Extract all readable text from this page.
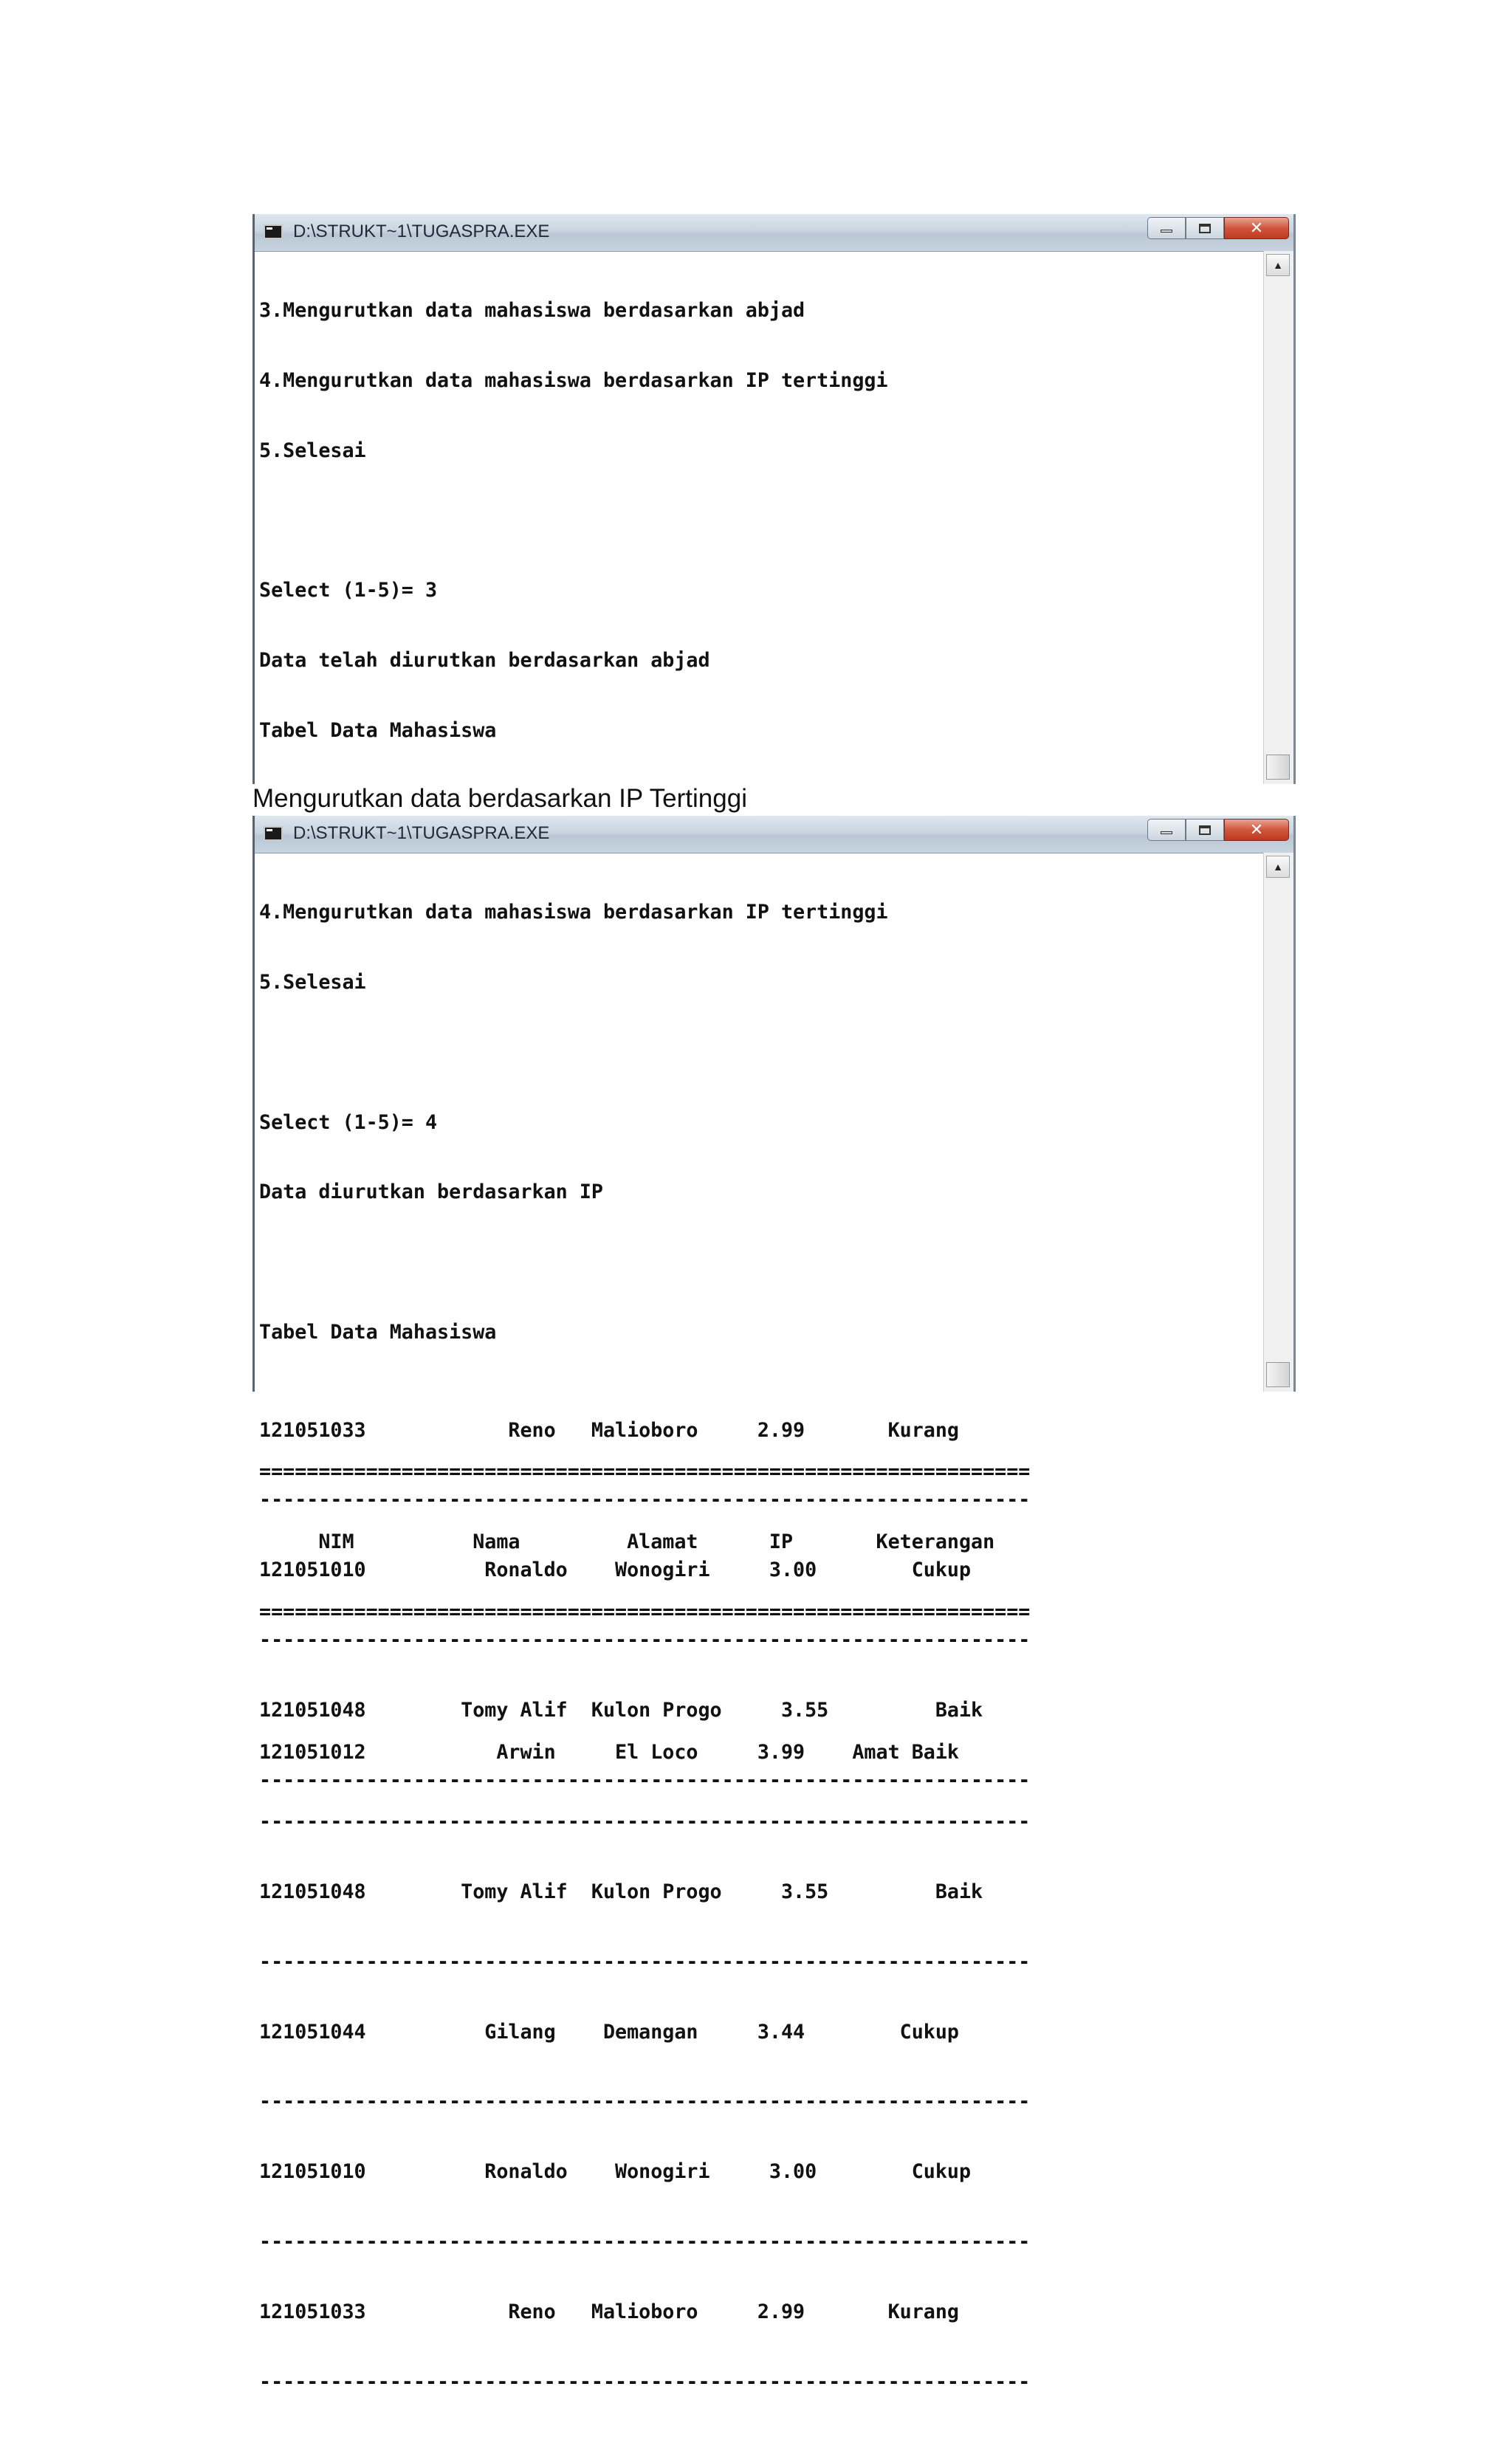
D:\STRUKT~1\TUGASPRA.EXE	✕

3.Mengurutkan data mahasiswa berdasarkan abjad

4.Mengurutkan data mahasiswa berdasarkan IP tertinggi

5.Selesai

Select (1-5)= 3

Data telah diurutkan berdasarkan abjad

Tabel Data Mahasiswa

121051033            Reno   Malioboro     2.99       Kurang

-----------------------------------------------------------------

121051010          Ronaldo    Wonogiri     3.00        Cukup

-----------------------------------------------------------------

121051048        Tomy Alif  Kulon Progo     3.55         Baik

-----------------------------------------------------------------

▲
Mengurutkan data berdasarkan IP Tertinggi
D:\STRUKT~1\TUGASPRA.EXE	✕

4.Mengurutkan data mahasiswa berdasarkan IP tertinggi

5.Selesai

Select (1-5)= 4

Data diurutkan berdasarkan IP

Tabel Data Mahasiswa

=================================================================

NIM          Nama         Alamat      IP       Keterangan

=================================================================

121051012           Arwin     El Loco     3.99    Amat Baik

-----------------------------------------------------------------

121051048        Tomy Alif  Kulon Progo     3.55         Baik

-----------------------------------------------------------------

121051044          Gilang    Demangan     3.44        Cukup

-----------------------------------------------------------------

121051010          Ronaldo    Wonogiri     3.00        Cukup

-----------------------------------------------------------------

121051033            Reno   Malioboro     2.99       Kurang

-----------------------------------------------------------------

▲
